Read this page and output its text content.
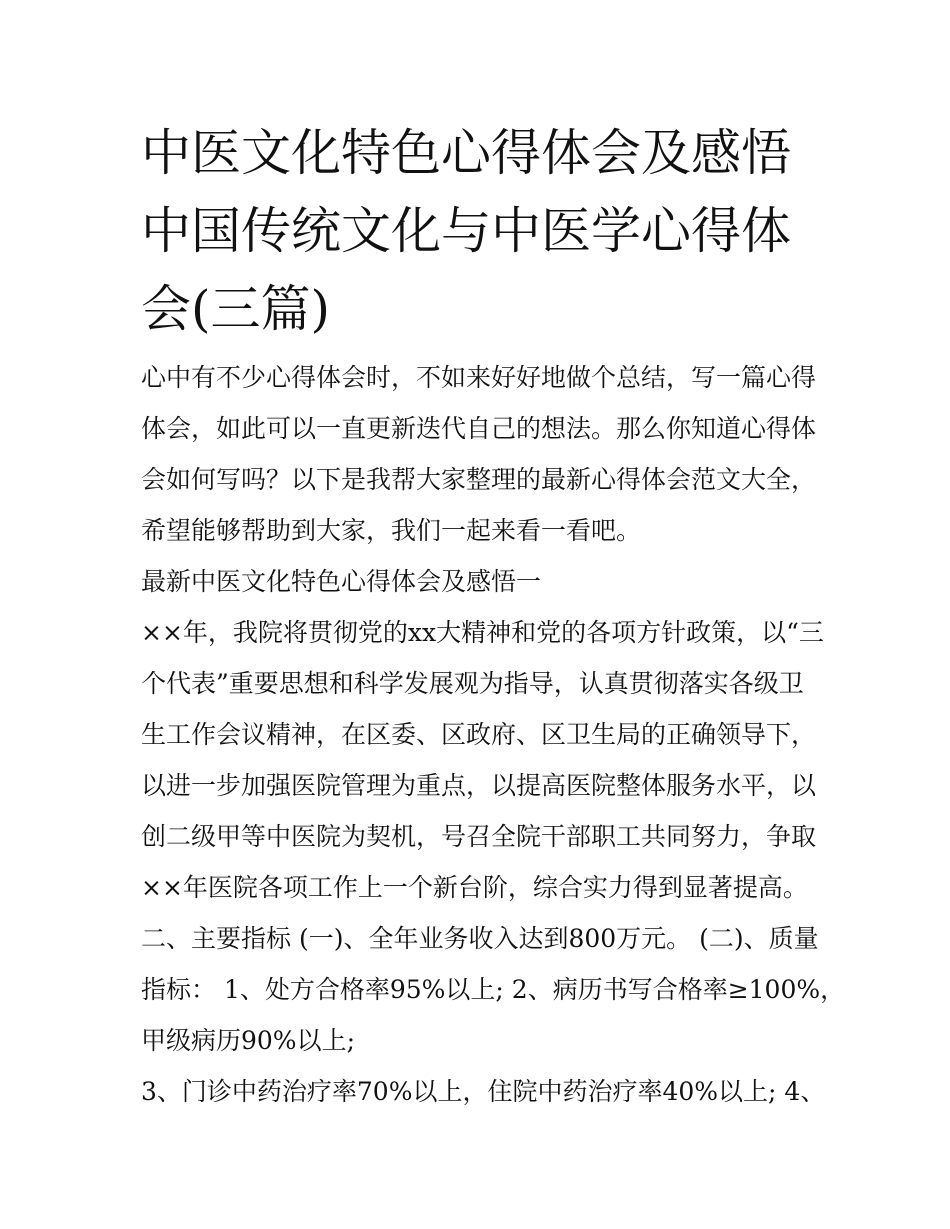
中医文化特色心得体会及感悟
中国传统文化与中医学心得体
会(三篇)

心中有不少心得体会时，不如来好好地做个总结，写一篇心得

体会，如此可以一直更新迭代自己的想法。那么你知道心得体

会如何写吗？以下是我帮大家整理的最新心得体会范文大全，

希望能够帮助到大家，我们一起来看一看吧。

最新中医文化特色心得体会及感悟一

××年，我院将贯彻党的xx大精神和党的各项方针政策，以“三

个代表”重要思想和科学发展观为指导，认真贯彻落实各级卫

生工作会议精神，在区委、区政府、区卫生局的正确领导下，

以进一步加强医院管理为重点，以提高医院整体服务水平，以

创二级甲等中医院为契机，号召全院干部职工共同努力，争取

××年医院各项工作上一个新台阶，综合实力得到显著提高。

二、主要指标 (一)、全年业务收入达到800万元。 (二)、质量

指标： 1、处方合格率95%以上; 2、病历书写合格率≥100%，

甲级病历90%以上;

3、门诊中药治疗率70%以上，住院中药治疗率40%以上; 4、
